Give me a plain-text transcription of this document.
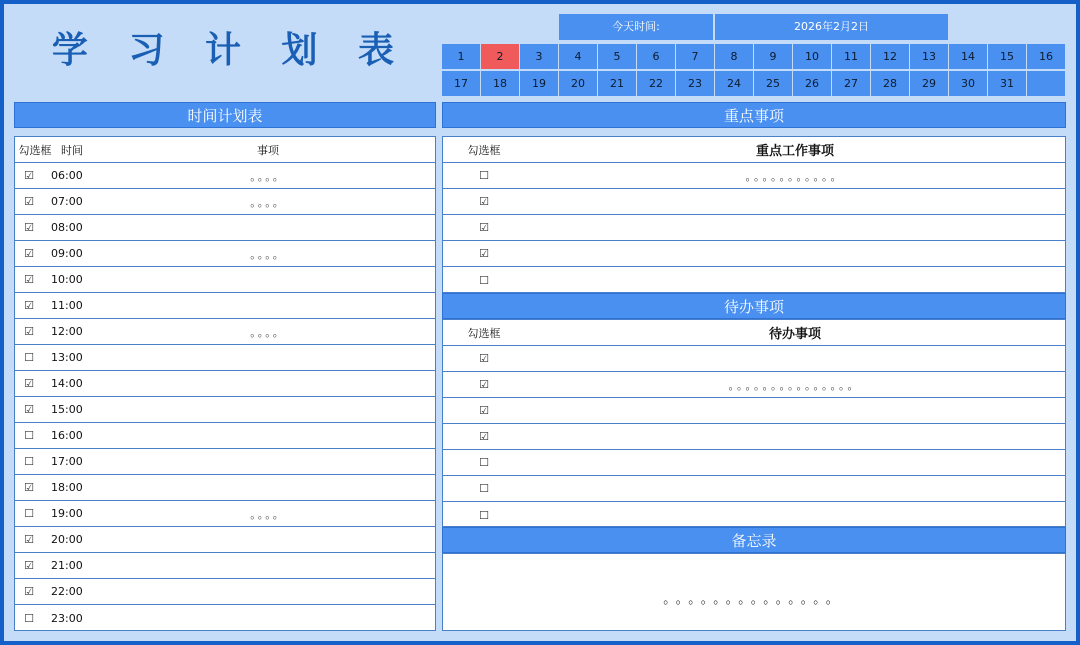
学 习 计 划 表
今天时间:	2026年2月2日
1	2	3	4	5	6	7	8	9	10	11	12	13	14	15	16
17	18	19	20	21	22	23	24	25	26	27	28	29	30	31
时间计划表
勾选框 时间	事项
☑	06:00	。。。。
☑	07:00	。。。。
☑	08:00
☑	09:00	。。。。
☑	10:00
☑	11:00
☑	12:00	。。。。
☐	13:00
☑	14:00
☑	15:00
☐	16:00
☐	17:00
☑	18:00
☐	19:00	。。。。
☑	20:00
☑	21:00
☑	22:00
☐	23:00
重点事项
勾选框	重点工作事项
☐	。。。。。。。。。。。
☑
☑
☑
☐
待办事项
勾选框	待办事项
☑
☑	。。。。。。。。。。。。。。。
☑
☑
☐
☐
☐
备忘录
。。。。。。。。。。。。。。
